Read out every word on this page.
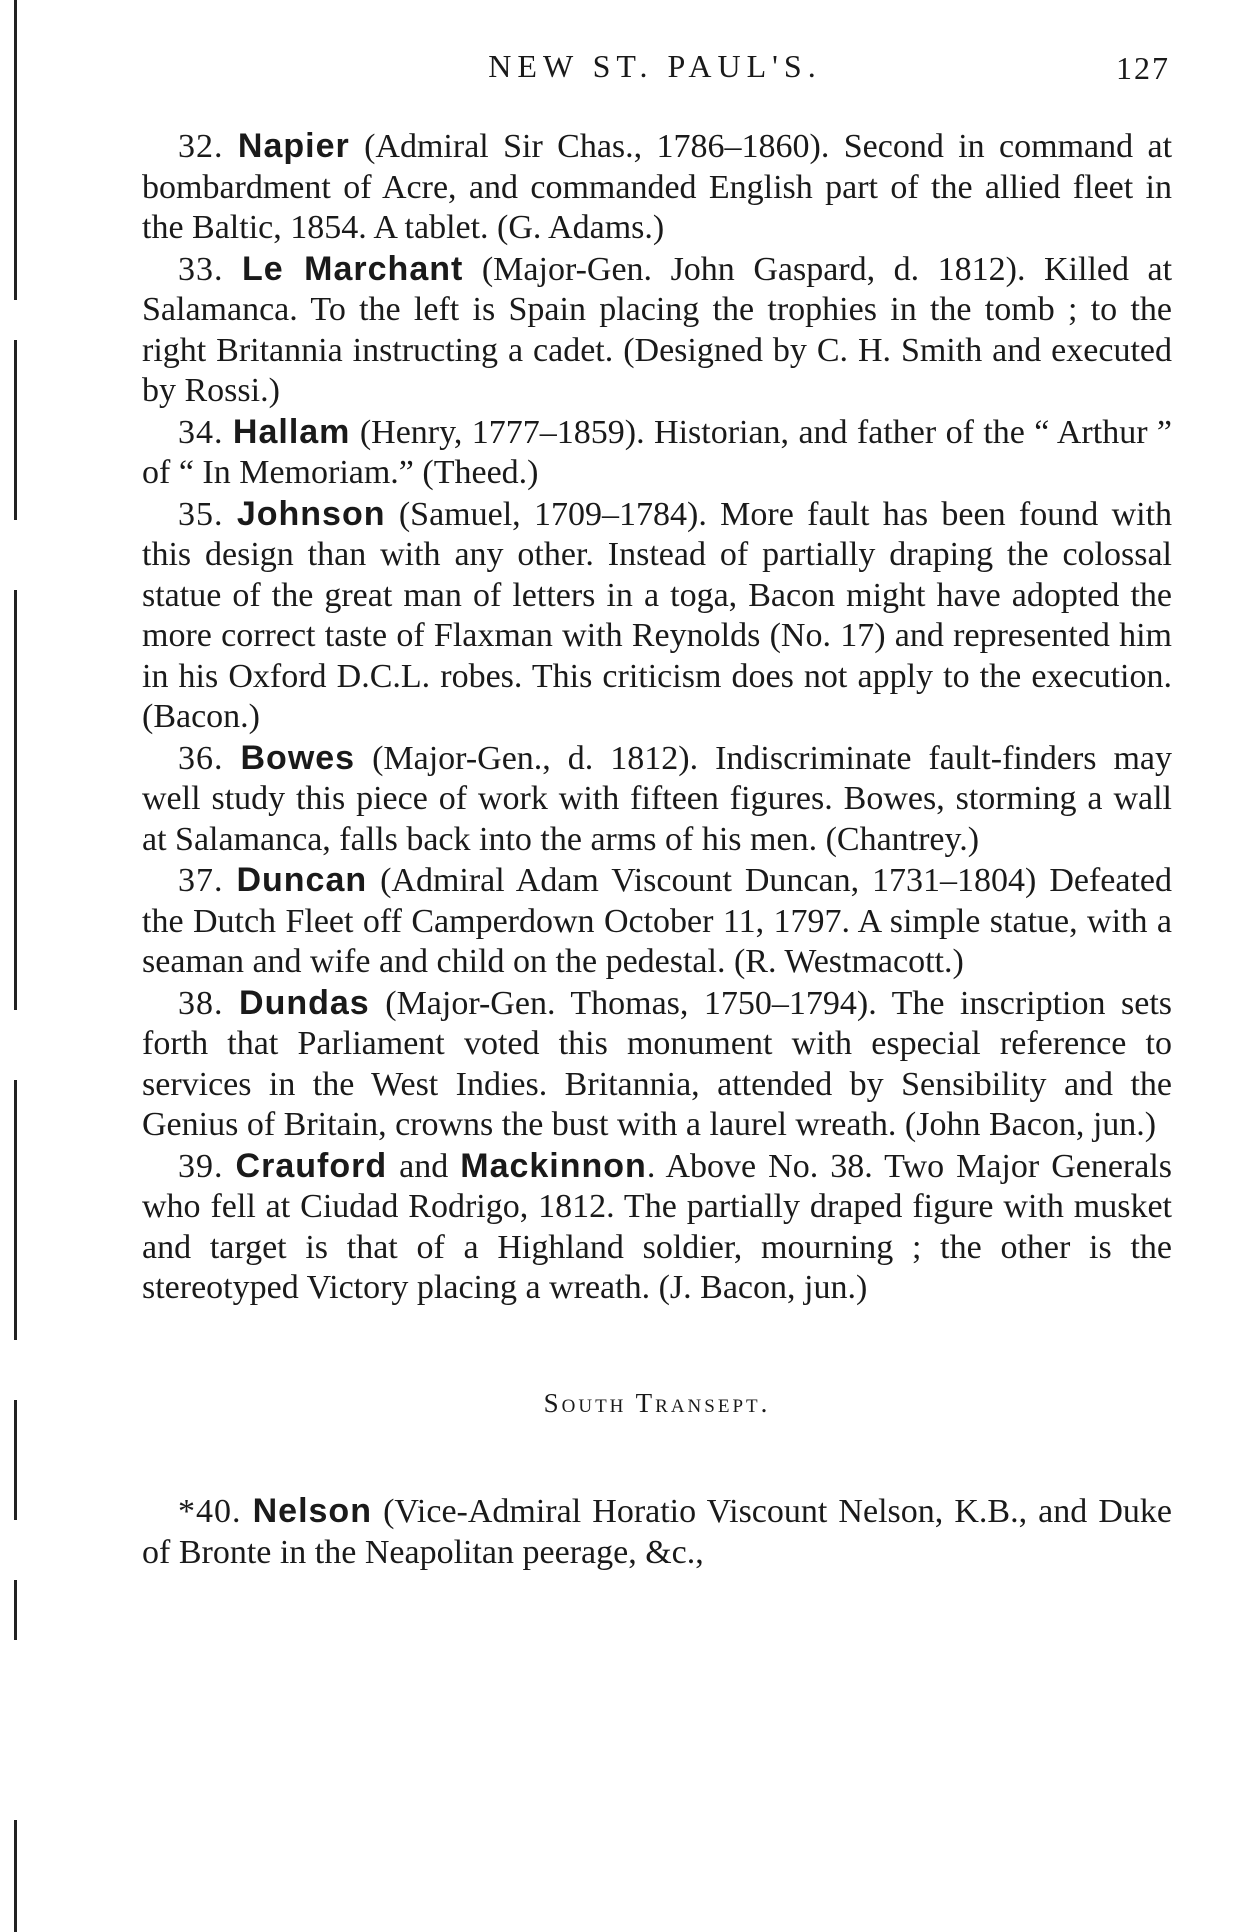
NEW ST. PAUL'S.	127

32. Napier (Admiral Sir Chas., 1786–1860). Second in command at bombardment of Acre, and commanded English part of the allied fleet in the Baltic, 1854. A tablet. (G. Adams.)

33. Le Marchant (Major-Gen. John Gaspard, d. 1812). Killed at Salamanca. To the left is Spain placing the trophies in the tomb ; to the right Britannia instructing a cadet. (Designed by C. H. Smith and executed by Rossi.)

34. Hallam (Henry, 1777–1859). Historian, and father of the “ Arthur ” of “ In Memoriam.” (Theed.)

35. Johnson (Samuel, 1709–1784). More fault has been found with this design than with any other. Instead of partially draping the colossal statue of the great man of letters in a toga, Bacon might have adopted the more correct taste of Flaxman with Reynolds (No. 17) and represented him in his Oxford D.C.L. robes. This criticism does not apply to the execution. (Bacon.)

36. Bowes (Major-Gen., d. 1812). Indiscriminate fault-finders may well study this piece of work with fifteen figures. Bowes, storming a wall at Salamanca, falls back into the arms of his men. (Chantrey.)

37. Duncan (Admiral Adam Viscount Duncan, 1731–1804) Defeated the Dutch Fleet off Camperdown October 11, 1797. A simple statue, with a seaman and wife and child on the pedestal. (R. Westmacott.)

38. Dundas (Major-Gen. Thomas, 1750–1794). The inscription sets forth that Parliament voted this monument with especial reference to services in the West Indies. Britannia, attended by Sensibility and the Genius of Britain, crowns the bust with a laurel wreath. (John Bacon, jun.)

39. Crauford and Mackinnon. Above No. 38. Two Major Generals who fell at Ciudad Rodrigo, 1812. The partially draped figure with musket and target is that of a Highland soldier, mourning ; the other is the stereotyped Victory placing a wreath. (J. Bacon, jun.)

South Transept.

*40. Nelson (Vice-Admiral Horatio Viscount Nelson, K.B., and Duke of Bronte in the Neapolitan peerage, &c.,
